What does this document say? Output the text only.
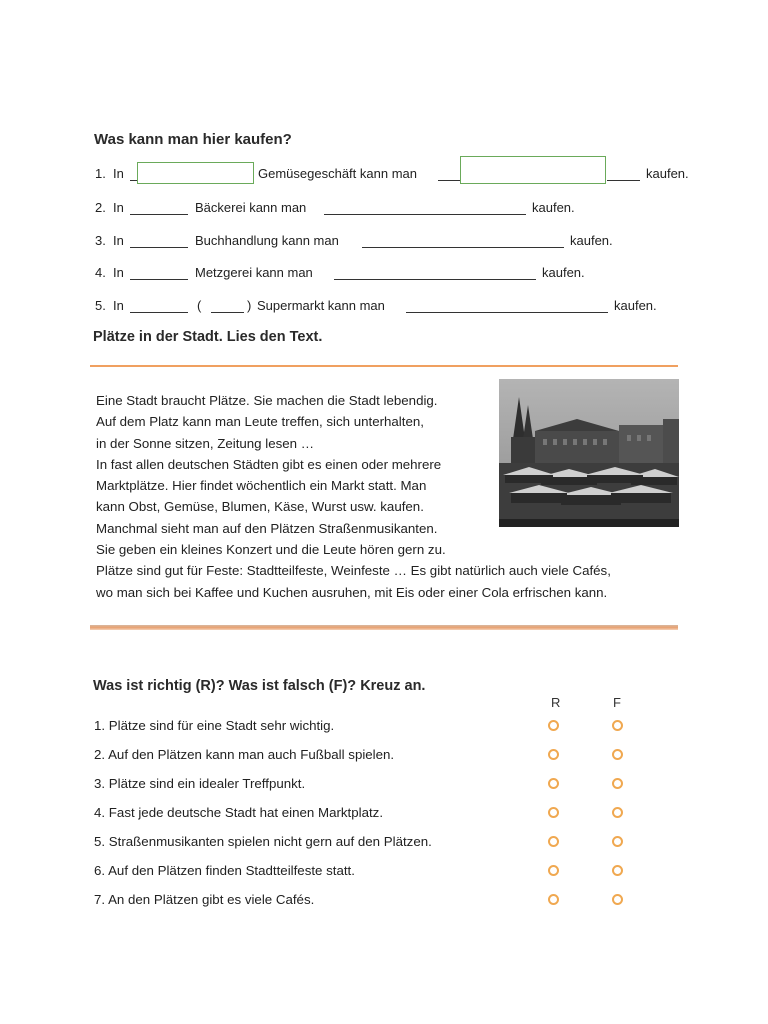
Was kann man hier kaufen?
1. In	Gemüsegeschäft kann man	kaufen.
2. In	Bäckerei kann man	kaufen.
3. In	Buchhandlung kann man	kaufen.
4. In	Metzgerei kann man	kaufen.
5. In	(	) Supermarkt kann man	kaufen.
Plätze in der Stadt. Lies den Text.

Eine Stadt braucht Plätze. Sie machen die Stadt lebendig.

Auf dem Platz kann man Leute treffen, sich unterhalten,

in der Sonne sitzen, Zeitung lesen …

In fast allen deutschen Städten gibt es einen oder mehrere

Marktplätze. Hier findet wöchentlich ein Markt statt. Man

kann Obst, Gemüse, Blumen, Käse, Wurst usw. kaufen.

Manchmal sieht man auf den Plätzen Straßenmusikanten.

Sie geben ein kleines Konzert und die Leute hören gern zu.

Plätze sind gut für Feste: Stadtteilfeste, Weinfeste … Es gibt natürlich auch viele Cafés,

wo man sich bei Kaffee und Kuchen ausruhen, mit Eis oder einer Cola erfrischen kann.

Was ist richtig (R)? Was ist falsch (F)? Kreuz an.
R	F
1. Plätze sind für eine Stadt sehr wichtig.
2. Auf den Plätzen kann man auch Fußball spielen.
3. Plätze sind ein idealer Treffpunkt.
4. Fast jede deutsche Stadt hat einen Marktplatz.
5. Straßenmusikanten spielen nicht gern auf den Plätzen.
6. Auf den Plätzen finden Stadtteilfeste statt.
7. An den Plätzen gibt es viele Cafés.
